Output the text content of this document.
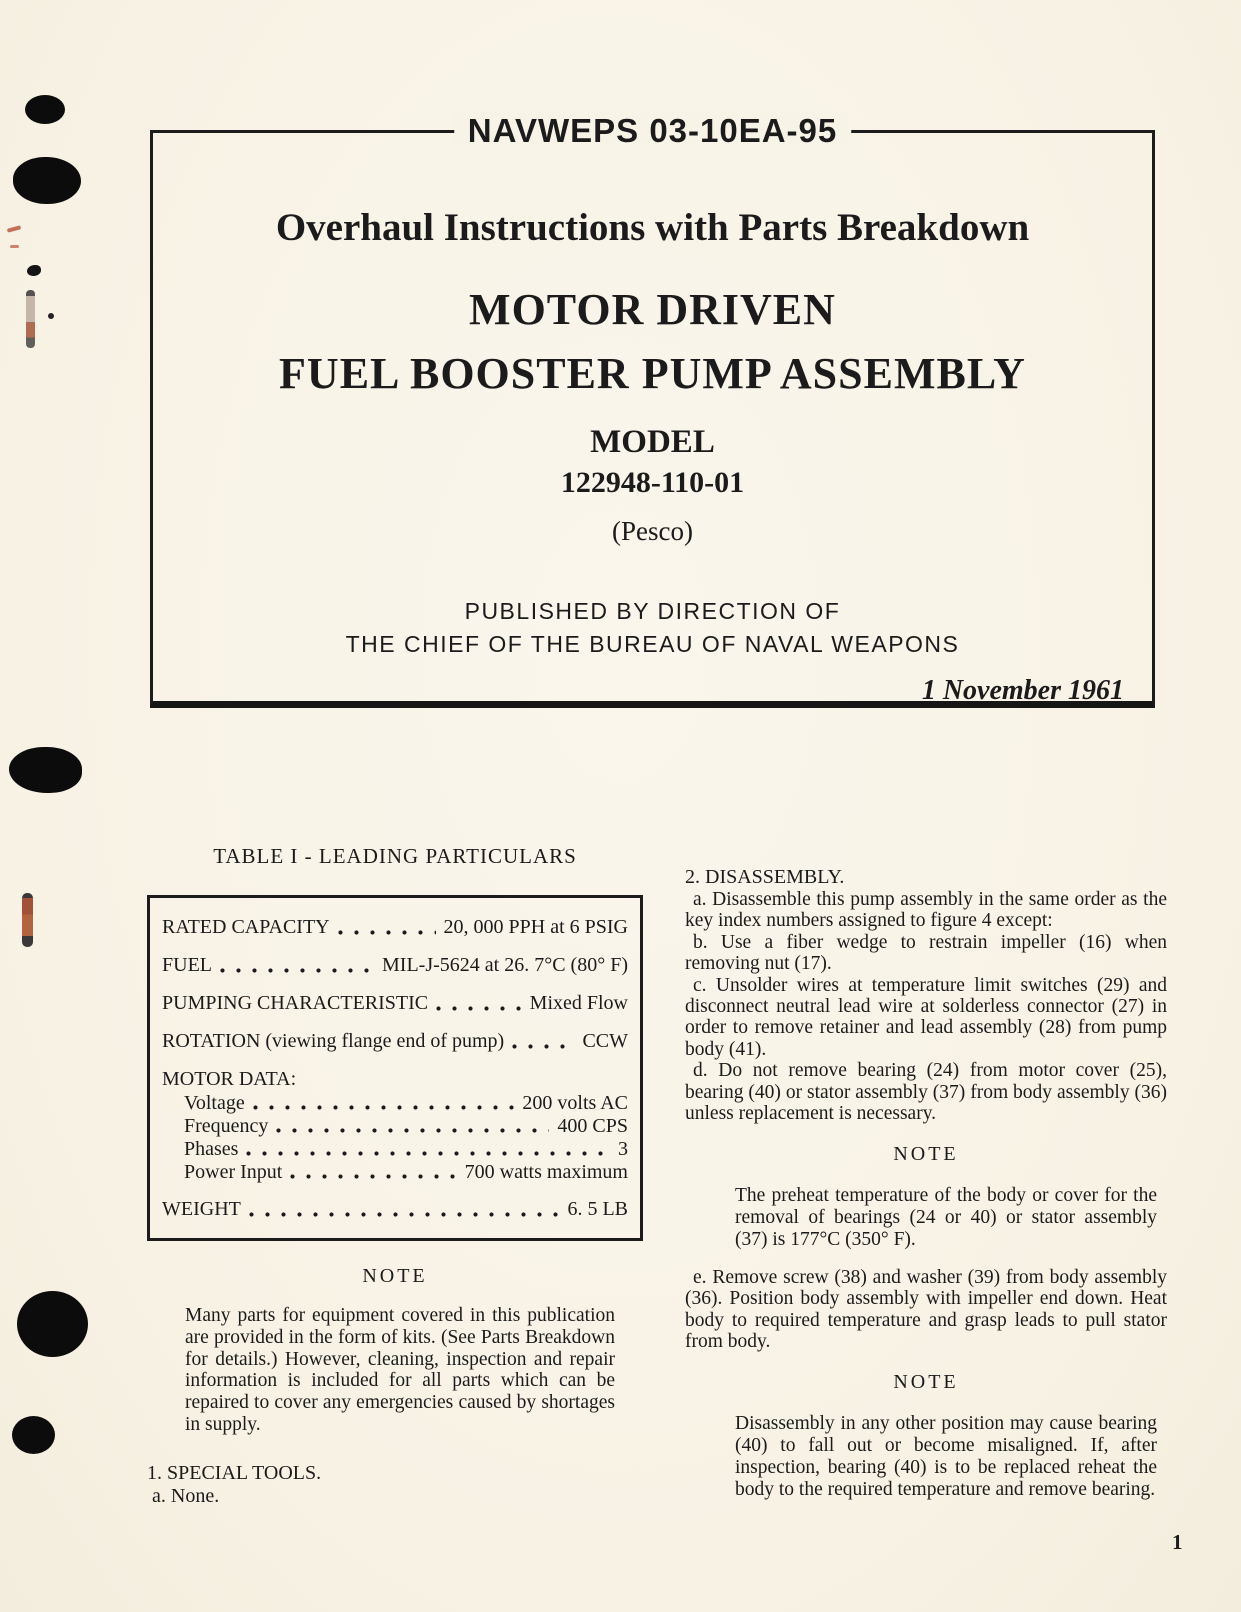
NAVWEPS 03-10EA-95
Overhaul Instructions with Parts Breakdown
MOTOR DRIVEN
FUEL BOOSTER PUMP ASSEMBLY
MODEL
122948-110-01
(Pesco)
PUBLISHED BY DIRECTION OF
THE CHIEF OF THE BUREAU OF NAVAL WEAPONS
1 November 1961
TABLE I - LEADING PARTICULARS
RATED CAPACITY	20, 000 PPH at 6 PSIG
FUEL	MIL-J-5624 at 26. 7°C (80° F)
PUMPING CHARACTERISTIC	Mixed Flow
ROTATION (viewing flange end of pump)	CCW
MOTOR DATA:
Voltage	200 volts AC
Frequency	400 CPS
Phases	3
Power Input	700 watts maximum
WEIGHT	6. 5 LB
NOTE

Many parts for equipment covered in this publication are provided in the form of kits. (See Parts Breakdown for details.) However, cleaning, inspection and repair information is included for all parts which can be repaired to cover any emergencies caused by shortages in supply.

1. SPECIAL TOOLS.
a. None.
2. DISASSEMBLY.

a. Disassemble this pump assembly in the same order as the key index numbers assigned to figure 4 except:

b. Use a fiber wedge to restrain impeller (16) when removing nut (17).

c. Unsolder wires at temperature limit switches (29) and disconnect neutral lead wire at solderless connector (27) in order to remove retainer and lead assembly (28) from pump body (41).

d. Do not remove bearing (24) from motor cover (25), bearing (40) or stator assembly (37) from body assembly (36) unless replacement is necessary.

NOTE

The preheat temperature of the body or cover for the removal of bearings (24 or 40) or stator assembly (37) is 177°C (350° F).

e. Remove screw (38) and washer (39) from body assembly (36). Position body assembly with impeller end down. Heat body to required temperature and grasp leads to pull stator from body.

NOTE

Disassembly in any other position may cause bearing (40) to fall out or become misaligned. If, after inspection, bearing (40) is to be replaced reheat the body to the required temperature and remove bearing.

1
